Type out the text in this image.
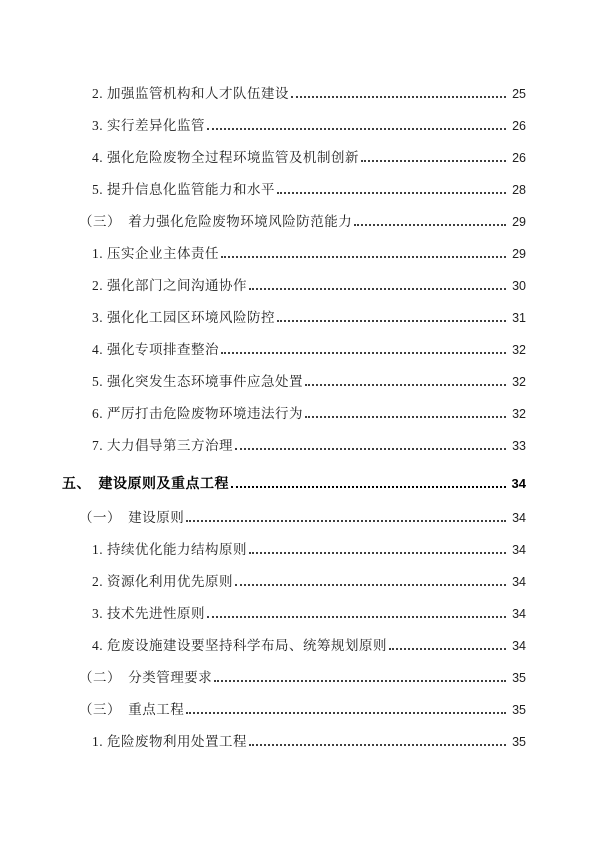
2. 加强监管机构和人才队伍建设	25
3. 实行差异化监管	26
4. 强化危险废物全过程环境监管及机制创新	26
5. 提升信息化监管能力和水平	28
（三）　着力强化危险废物环境风险防范能力	29
1. 压实企业主体责任	29
2. 强化部门之间沟通协作	30
3. 强化化工园区环境风险防控	31
4. 强化专项排查整治	32
5. 强化突发生态环境事件应急处置	32
6. 严厉打击危险废物环境违法行为	32
7. 大力倡导第三方治理	33
五、　建设原则及重点工程	34
（一）　建设原则	34
1. 持续优化能力结构原则	34
2. 资源化利用优先原则	34
3. 技术先进性原则	34
4. 危废设施建设要坚持科学布局、统筹规划原则	34
（二）　分类管理要求	35
（三）　重点工程	35
1. 危险废物利用处置工程	35
